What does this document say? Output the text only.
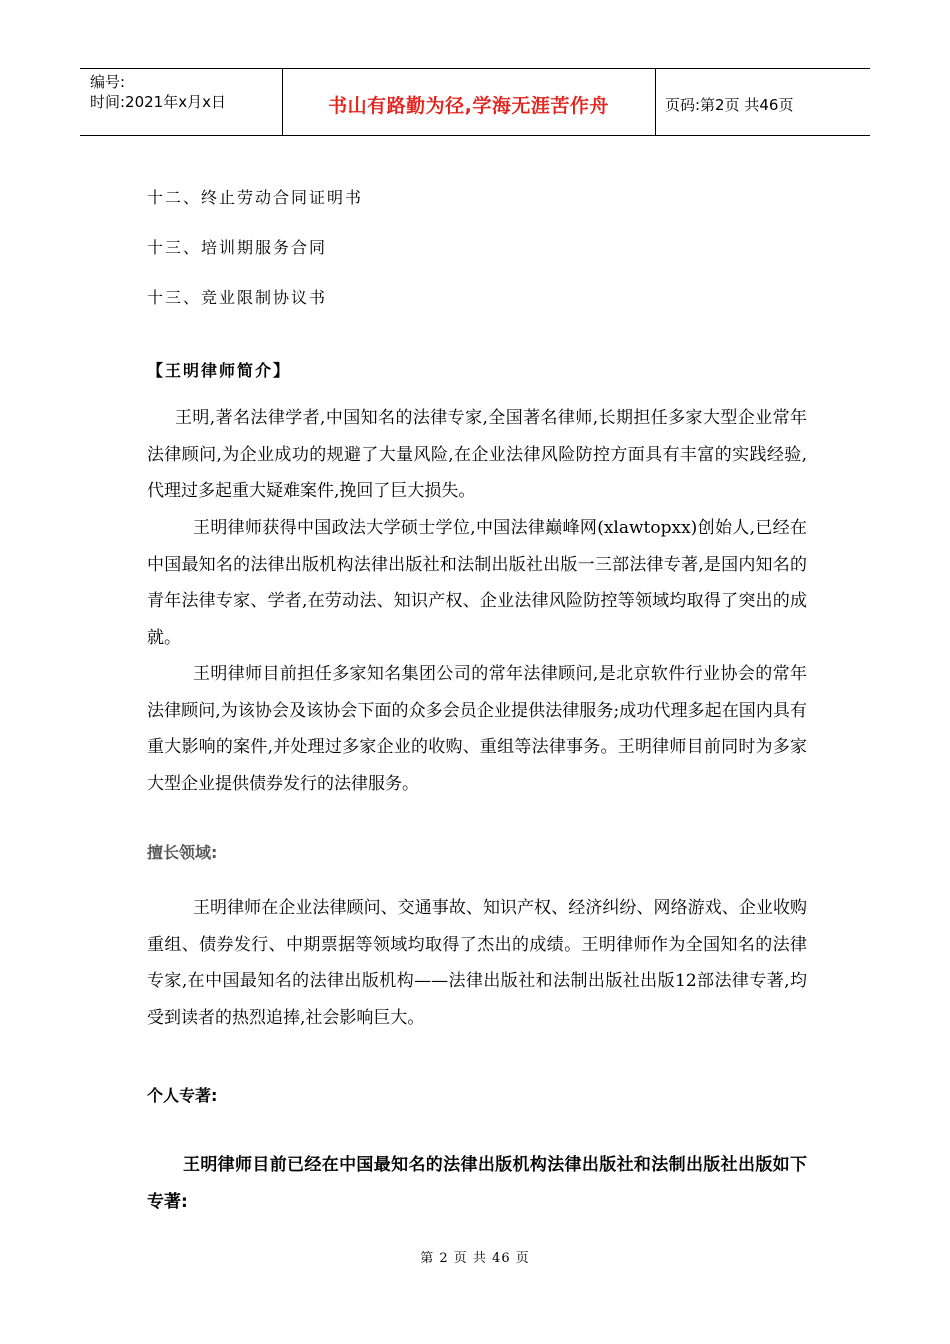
编号:
时间:2021年x月x日	书山有路勤为径,学海无涯苦作舟	页码:第2页 共46页
十二、终止劳动合同证明书
十三、培训期服务合同
十三、竞业限制协议书
【王明律师简介】

王明,著名法律学者,中国知名的法律专家,全国著名律师,长期担任多家大型企业常年法律顾问,为企业成功的规避了大量风险,在企业法律风险防控方面具有丰富的实践经验,代理过多起重大疑难案件,挽回了巨大损失。

王明律师获得中国政法大学硕士学位,中国法律巅峰网(xlawtopxx)创始人,已经在中国最知名的法律出版机构法律出版社和法制出版社出版一三部法律专著,是国内知名的青年法律专家、学者,在劳动法、知识产权、企业法律风险防控等领域均取得了突出的成就。

王明律师目前担任多家知名集团公司的常年法律顾问,是北京软件行业协会的常年法律顾问,为该协会及该协会下面的众多会员企业提供法律服务;成功代理多起在国内具有重大影响的案件,并处理过多家企业的收购、重组等法律事务。王明律师目前同时为多家大型企业提供债券发行的法律服务。

擅长领域:

王明律师在企业法律顾问、交通事故、知识产权、经济纠纷、网络游戏、企业收购重组、债券发行、中期票据等领域均取得了杰出的成绩。王明律师作为全国知名的法律专家,在中国最知名的法律出版机构——法律出版社和法制出版社出版12部法律专著,均受到读者的热烈追捧,社会影响巨大。

个人专著:

王明律师目前已经在中国最知名的法律出版机构法律出版社和法制出版社出版如下专著:

第 2 页 共 46 页
